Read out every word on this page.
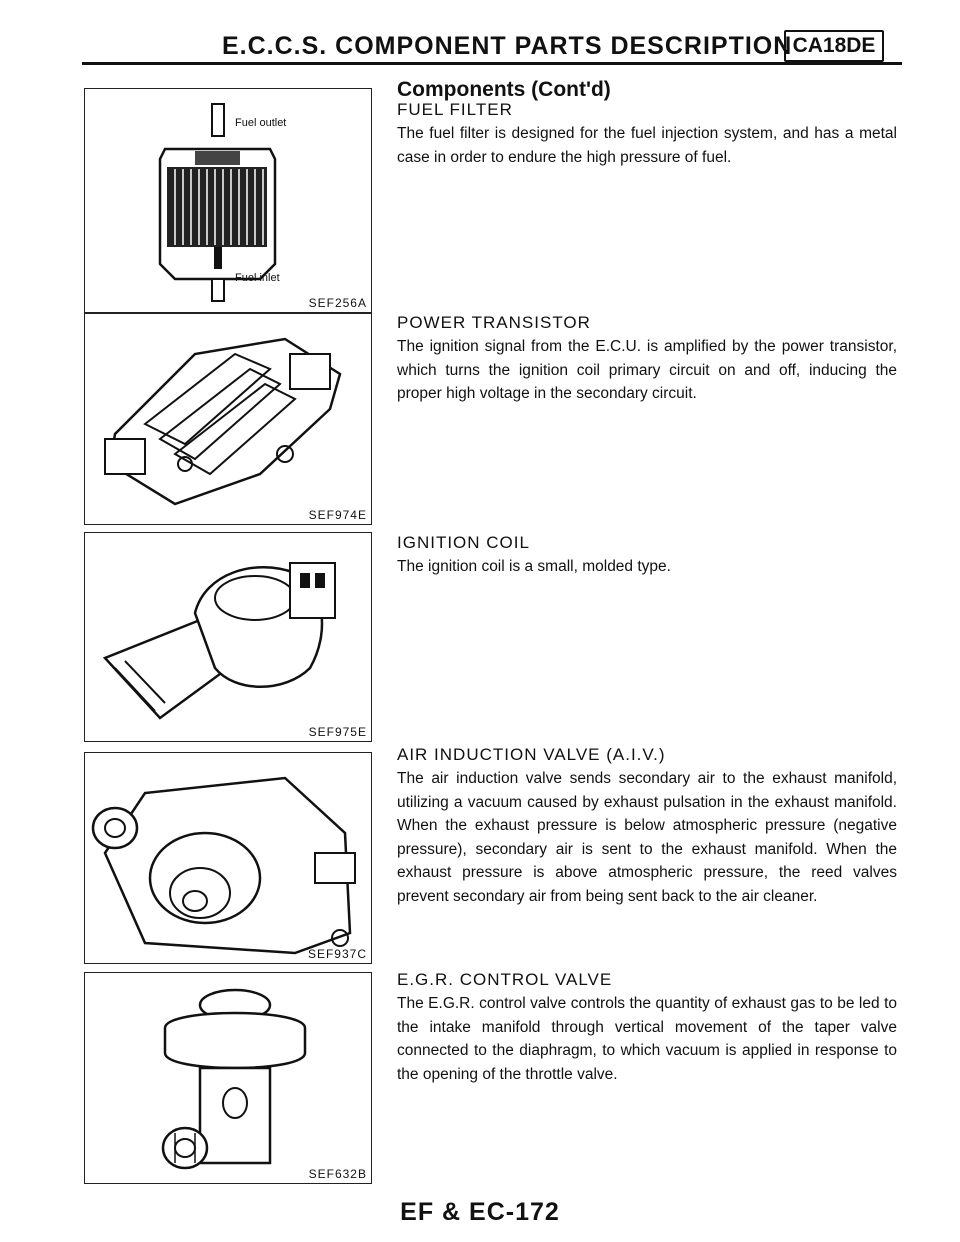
E.C.C.S. COMPONENT PARTS DESCRIPTION CA18DE
Components (Cont'd)
Fuel outlet
Fuel inlet
SEF256A
SEF974E
SEF975E
SEF937C
SEF632B
FUEL FILTER

The fuel filter is designed for the fuel injection system, and has a metal case in order to endure the high pressure of fuel.

POWER TRANSISTOR

The ignition signal from the E.C.U. is amplified by the power transistor, which turns the ignition coil primary circuit on and off, inducing the proper high voltage in the secondary circuit.

IGNITION COIL

The ignition coil is a small, molded type.

AIR INDUCTION VALVE (A.I.V.)

The air induction valve sends secondary air to the exhaust manifold, utilizing a vacuum caused by exhaust pulsation in the exhaust manifold. When the exhaust pressure is below atmospheric pressure (negative pressure), secondary air is sent to the exhaust manifold. When the exhaust pressure is above atmospheric pressure, the reed valves prevent secondary air from being sent back to the air cleaner.

E.G.R. CONTROL VALVE

The E.G.R. control valve controls the quantity of exhaust gas to be led to the intake manifold through vertical movement of the taper valve connected to the diaphragm, to which vacuum is applied in response to the opening of the throttle valve.

EF & EC-172
